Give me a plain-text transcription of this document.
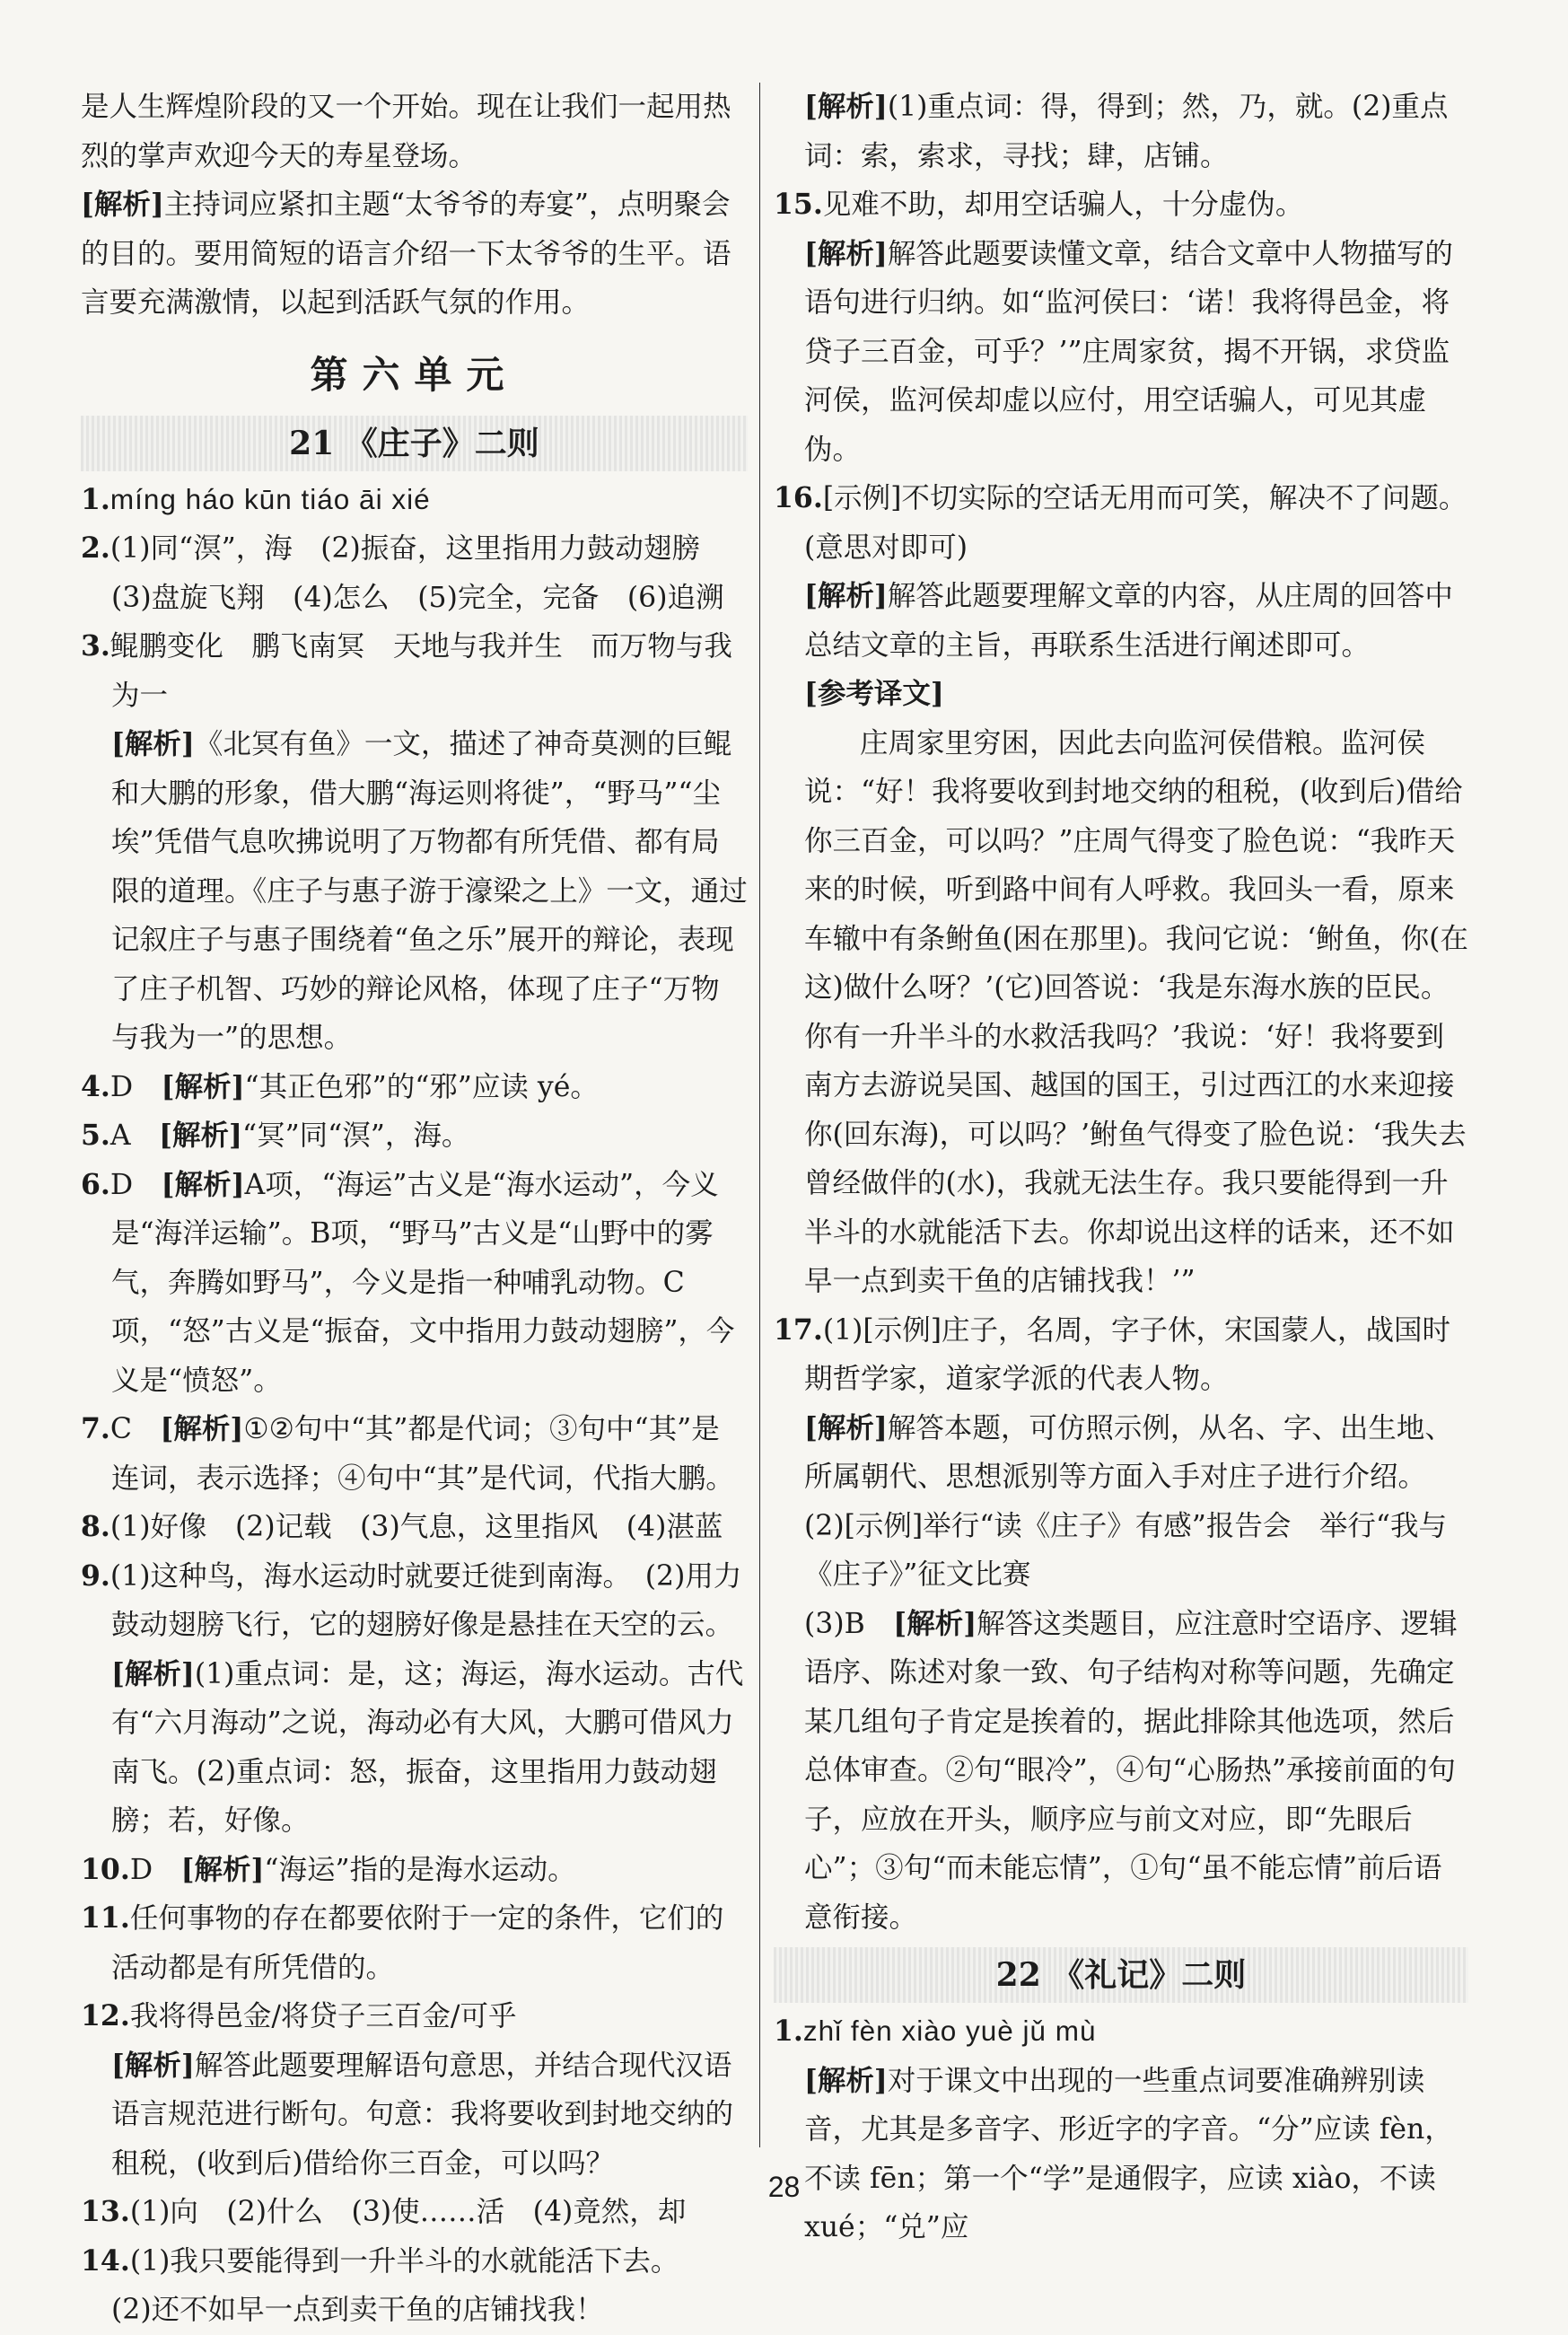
是人生辉煌阶段的又一个开始。现在让我们一起用热

烈的掌声欢迎今天的寿星登场。

[解析]主持词应紧扣主题“太爷爷的寿宴”，点明聚会的目的。要用简短的语言介绍一下太爷爷的生平。语言要充满激情，以起到活跃气氛的作用。

第六单元
21 《庄子》二则

1.míng háo kūn tiáo āi xié

2.(1)同“溟”，海　(2)振奋，这里指用力鼓动翅膀　(3)盘旋飞翔　(4)怎么　(5)完全，完备　(6)追溯

3.鲲鹏变化　鹏飞南冥　天地与我并生　而万物与我为一

[解析]《北冥有鱼》一文，描述了神奇莫测的巨鲲和大鹏的形象，借大鹏“海运则将徙”，“野马”“尘埃”凭借气息吹拂说明了万物都有所凭借、都有局限的道理。《庄子与惠子游于濠梁之上》一文，通过记叙庄子与惠子围绕着“鱼之乐”展开的辩论，表现了庄子机智、巧妙的辩论风格，体现了庄子“万物与我为一”的思想。

4.D　 [解析]“其正色邪”的“邪”应读 yé。

5.A　 [解析]“冥”同“溟”，海。

6.D　 [解析]A项，“海运”古义是“海水运动”，今义是“海洋运输”。B项，“野马”古义是“山野中的雾气，奔腾如野马”，今义是指一种哺乳动物。C项，“怒”古义是“振奋，文中指用力鼓动翅膀”，今义是“愤怒”。

7.C　 [解析]①②句中“其”都是代词；③句中“其”是连词，表示选择；④句中“其”是代词，代指大鹏。

8.(1)好像　(2)记载　(3)气息，这里指风　(4)湛蓝

9.(1)这种鸟，海水运动时就要迁徙到南海。　(2)用力鼓动翅膀飞行，它的翅膀好像是悬挂在天空的云。

[解析](1)重点词：是，这；海运，海水运动。古代有“六月海动”之说，海动必有大风，大鹏可借风力南飞。(2)重点词：怒，振奋，这里指用力鼓动翅膀；若，好像。

10.D　 [解析]“海运”指的是海水运动。

11.任何事物的存在都要依附于一定的条件，它们的活动都是有所凭借的。

12.我将得邑金/将贷子三百金/可乎

[解析]解答此题要理解语句意思，并结合现代汉语语言规范进行断句。句意：我将要收到封地交纳的租税，(收到后)借给你三百金，可以吗？

13.(1)向　(2)什么　(3)使……活　(4)竟然，却

14.(1)我只要能得到一升半斗的水就能活下去。

(2)还不如早一点到卖干鱼的店铺找我！

[解析](1)重点词：得，得到；然，乃，就。(2)重点词：索，索求，寻找；肆，店铺。

15.见难不助，却用空话骗人，十分虚伪。

[解析]解答此题要读懂文章，结合文章中人物描写的语句进行归纳。如“监河侯曰：‘诺！我将得邑金，将贷子三百金，可乎？’”庄周家贫，揭不开锅，求贷监河侯，监河侯却虚以应付，用空话骗人，可见其虚伪。

16.[示例]不切实际的空话无用而可笑，解决不了问题。

(意思对即可)

[解析]解答此题要理解文章的内容，从庄周的回答中总结文章的主旨，再联系生活进行阐述即可。

[参考译文]

庄周家里穷困，因此去向监河侯借粮。监河侯说：“好！我将要收到封地交纳的租税，(收到后)借给你三百金，可以吗？”庄周气得变了脸色说：“我昨天来的时候，听到路中间有人呼救。我回头一看，原来车辙中有条鲋鱼(困在那里)。我问它说：‘鲋鱼，你(在这)做什么呀？’(它)回答说：‘我是东海水族的臣民。你有一升半斗的水救活我吗？’我说：‘好！我将要到南方去游说吴国、越国的国王，引过西江的水来迎接你(回东海)，可以吗？’鲋鱼气得变了脸色说：‘我失去曾经做伴的(水)，我就无法生存。我只要能得到一升半斗的水就能活下去。你却说出这样的话来，还不如早一点到卖干鱼的店铺找我！’”

17.(1)[示例]庄子，名周，字子休，宋国蒙人，战国时期哲学家，道家学派的代表人物。

[解析]解答本题，可仿照示例，从名、字、出生地、所属朝代、思想派别等方面入手对庄子进行介绍。

(2)[示例]举行“读《庄子》有感”报告会　举行“我与《庄子》”征文比赛

(3)B　 [解析]解答这类题目，应注意时空语序、逻辑语序、陈述对象一致、句子结构对称等问题，先确定某几组句子肯定是挨着的，据此排除其他选项，然后总体审查。②句“眼冷”，④句“心肠热”承接前面的句子，应放在开头，顺序应与前文对应，即“先眼后心”；③句“而未能忘情”，①句“虽不能忘情”前后语意衔接。

22 《礼记》二则

1.zhǐ fèn xiào yuè jǔ mù

[解析]对于课文中出现的一些重点词要准确辨别读音，尤其是多音字、形近字的字音。“分”应读 fèn，不读 fēn；第一个“学”是通假字，应读 xiào，不读 xué；“兑”应

28
